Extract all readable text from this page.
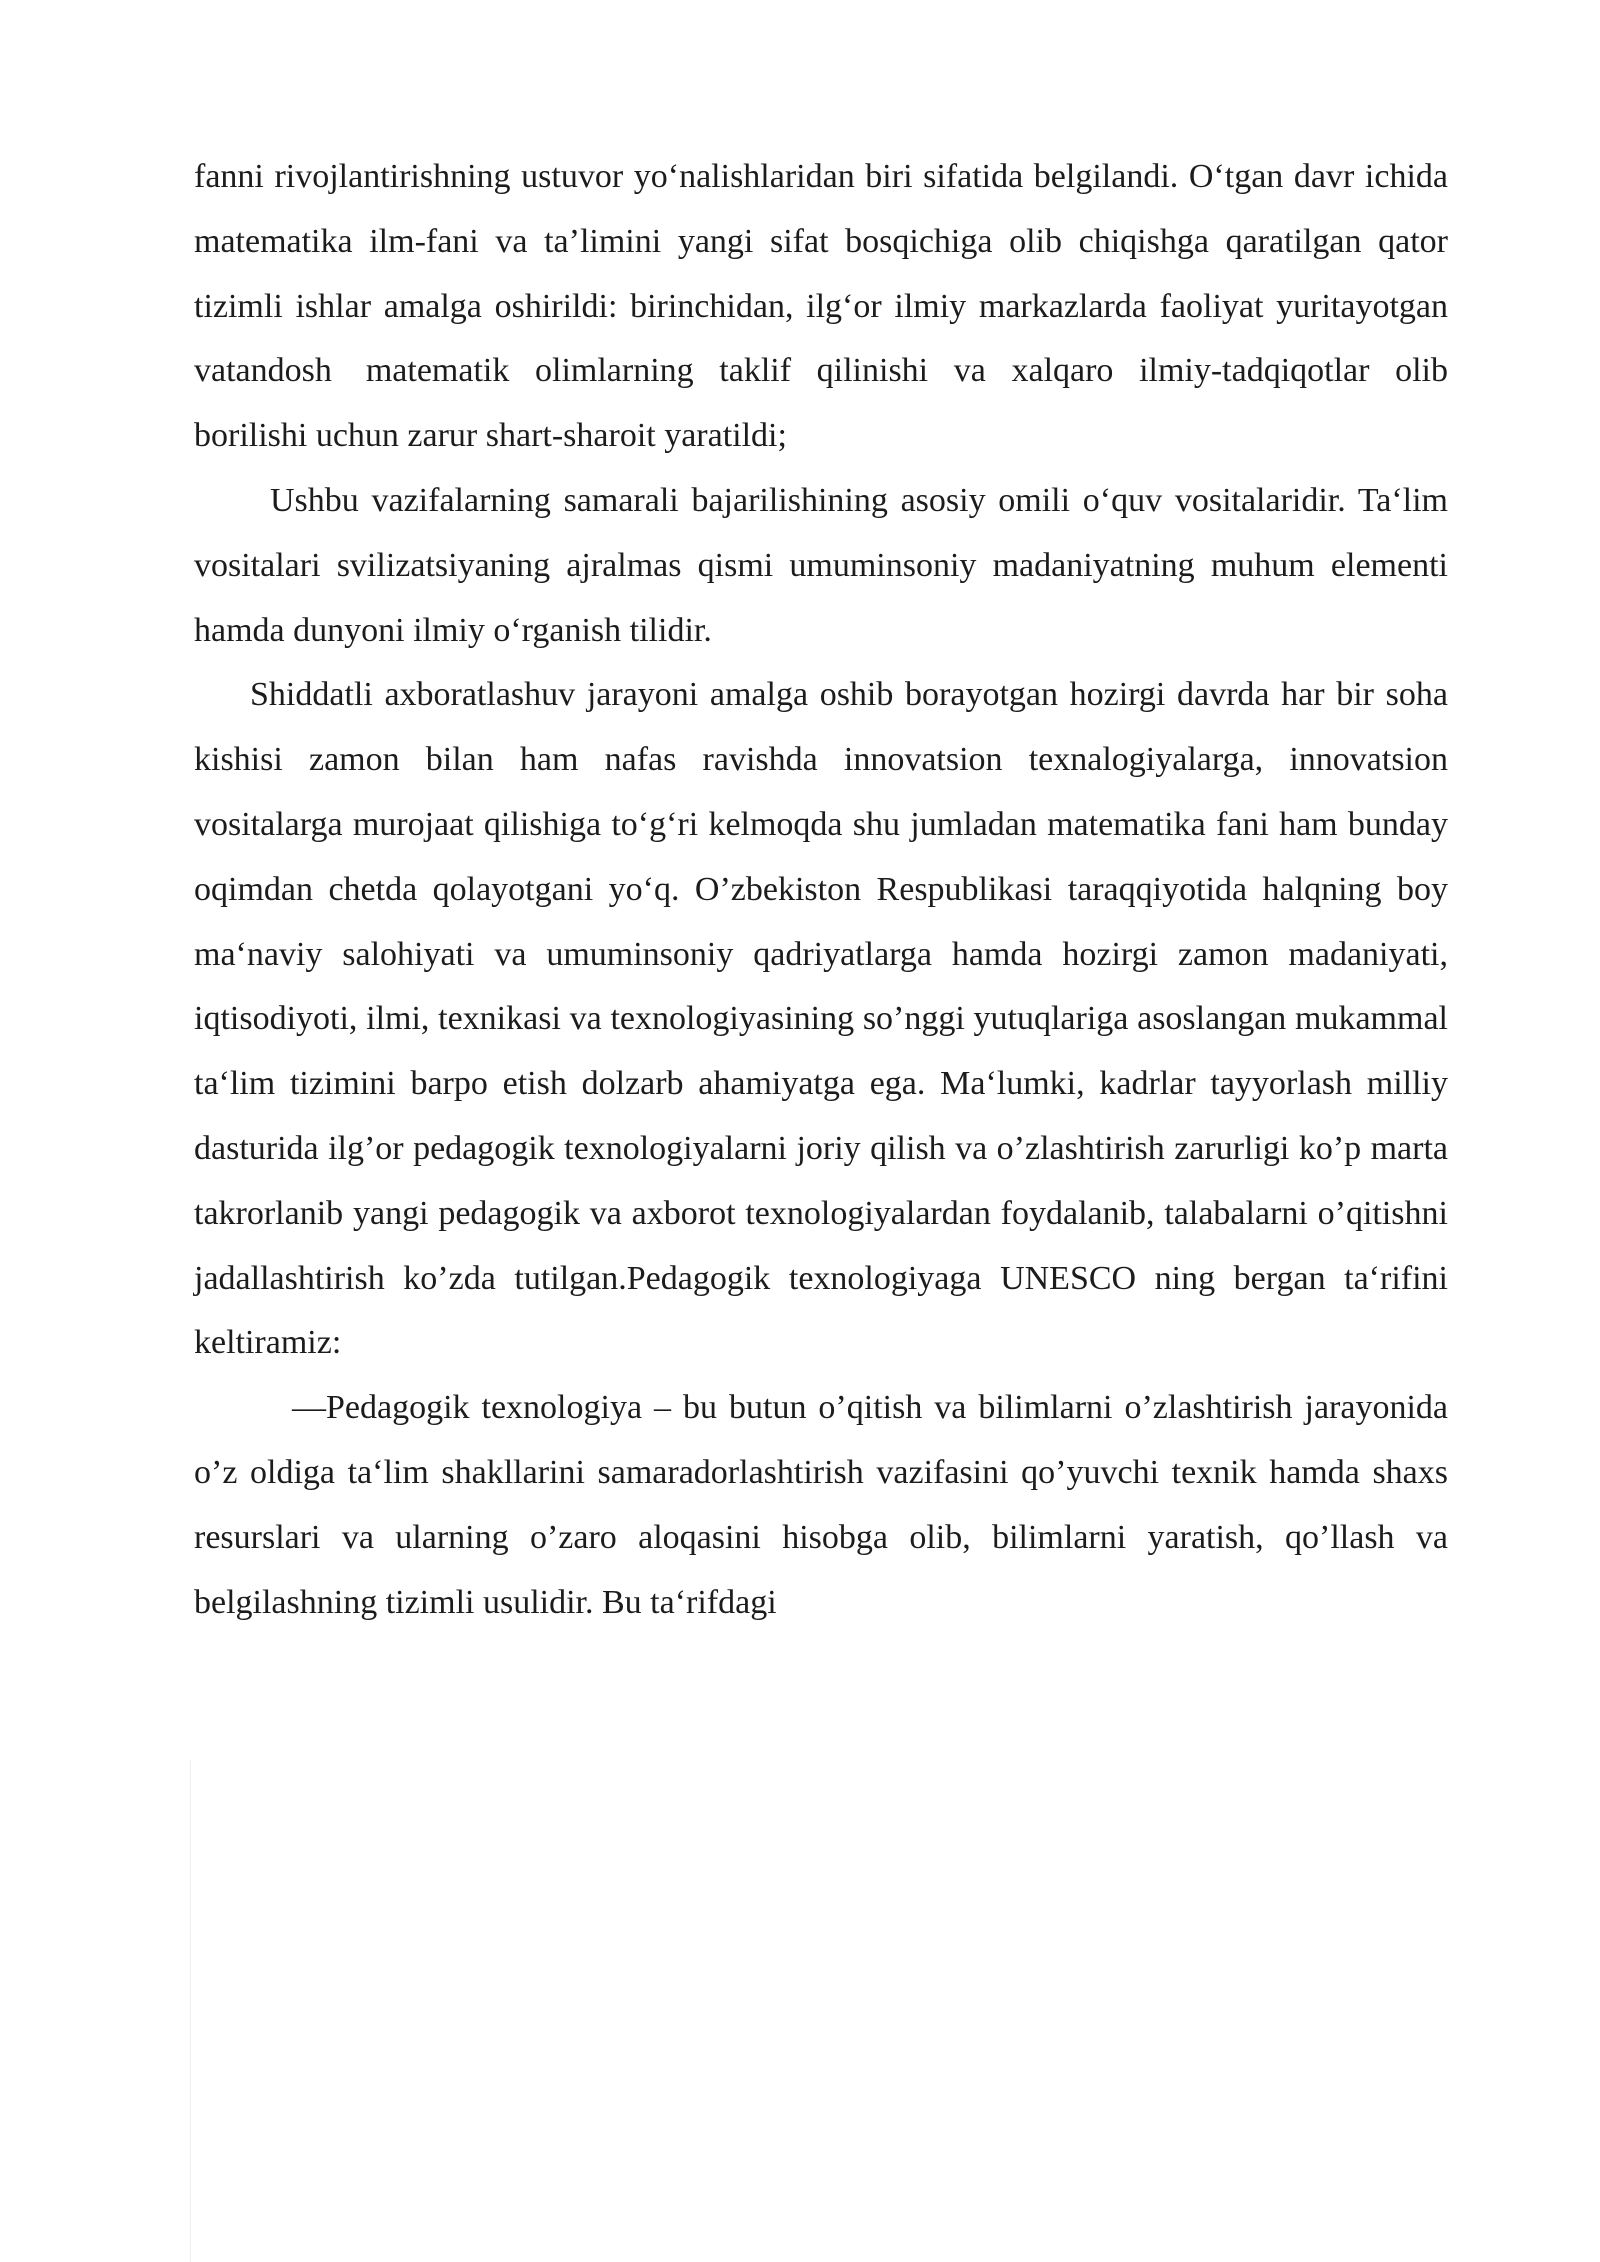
fanni rivojlantirishning ustuvor yo‘nalishlaridan biri sifatida belgilandi. O‘tgan davr ichida matematika ilm-fani va ta’limini yangi sifat bosqichiga olib chiqishga qaratilgan qator tizimli ishlar amalga oshirildi: birinchidan, ilg‘or ilmiy markazlarda faoliyat yuritayotgan vatandosh matematik olimlarning taklif qilinishi va xalqaro ilmiy-tadqiqotlar olib borilishi uchun zarur shart-sharoit yaratildi;

Ushbu vazifalarning samarali bajarilishining asosiy omili o‘quv vositalaridir. Ta‘lim vositalari svilizatsiyaning ajralmas qismi umuminsoniy madaniyatning muhum elementi hamda dunyoni ilmiy o‘rganish tilidir.

Shiddatli axboratlashuv jarayoni amalga oshib borayotgan hozirgi davrda har bir soha kishisi zamon bilan ham nafas ravishda innovatsion texnalogiyalarga, innovatsion vositalarga murojaat qilishiga to‘g‘ri kelmoqda shu jumladan matematika fani ham bunday oqimdan chetda qolayotgani yo‘q. O’zbekiston Respublikasi taraqqiyotida halqning boy ma‘naviy salohiyati va umuminsoniy qadriyatlarga hamda hozirgi zamon madaniyati, iqtisodiyoti, ilmi, texnikasi va texnologiyasining so’nggi yutuqlariga asoslangan mukammal ta‘lim tizimini barpo etish dolzarb ahamiyatga ega. Ma‘lumki, kadrlar tayyorlash milliy dasturida ilg’or pedagogik texnologiyalarni joriy qilish va o’zlashtirish zarurligi ko’p marta takrorlanib yangi pedagogik va axborot texnologiyalardan foydalanib, talabalarni o’qitishni jadallashtirish ko’zda tutilgan.Pedagogik texnologiyaga UNESCO ning bergan ta‘rifini keltiramiz:

―Pedagogik texnologiya – bu butun o’qitish va bilimlarni o’zlashtirish jarayonida o’z oldiga ta‘lim shakllarini samaradorlashtirish vazifasini qo’yuvchi texnik hamda shaxs resurslari va ularning o’zaro aloqasini hisobga olib, bilimlarni yaratish, qo’llash va belgilashning tizimli usulidir. Bu ta‘rifdagi
